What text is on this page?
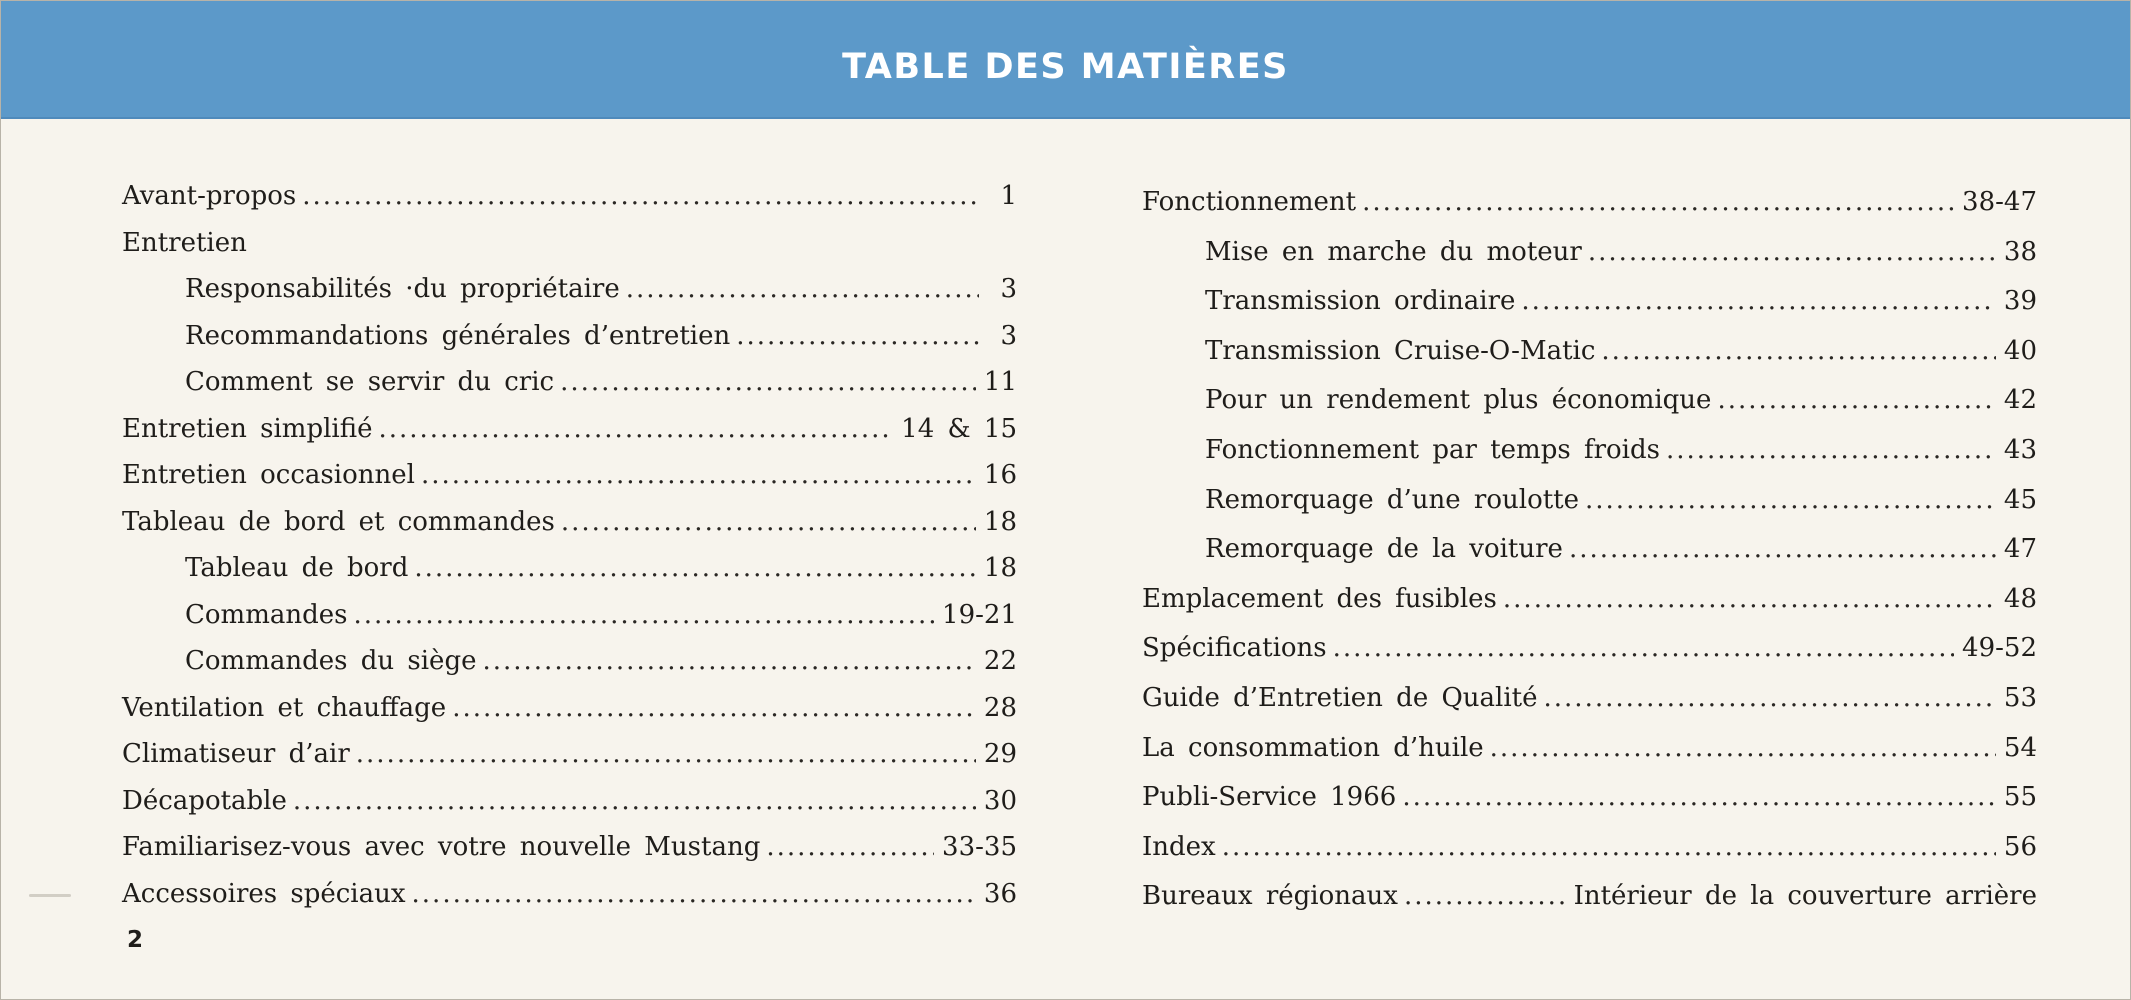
TABLE DES MATIÈRES
Avant-propos .....	1
Entretien
Responsabilités ·du propriétaire .....	3
Recommandations générales d’entretien .....	3
Comment se servir du cric .....	11
Entretien simplifié .....	14 & 15
Entretien occasionnel .....	16
Tableau de bord et commandes .....	18
Tableau de bord .....	18
Commandes .....	19-21
Commandes du siège .....	22
Ventilation et chauffage .....	28
Climatiseur d’air .....	29
Décapotable .....	30
Familiarisez-vous avec votre nouvelle Mustang .....	33-35
Accessoires spéciaux .....	36
Fonctionnement .....	38-47
Mise en marche du moteur .....	38
Transmission ordinaire .....	39
Transmission Cruise-O-Matic .....	40
Pour un rendement plus économique .....	42
Fonctionnement par temps froids .....	43
Remorquage d’une roulotte .....	45
Remorquage de la voiture .....	47
Emplacement des fusibles .....	48
Spécifications .....	49-52
Guide d’Entretien de Qualité .....	53
La consommation d’huile .....	54
Publi-Service 1966 .....	55
Index .....	56
Bureaux régionaux .....	Intérieur de la couverture arrière
2
